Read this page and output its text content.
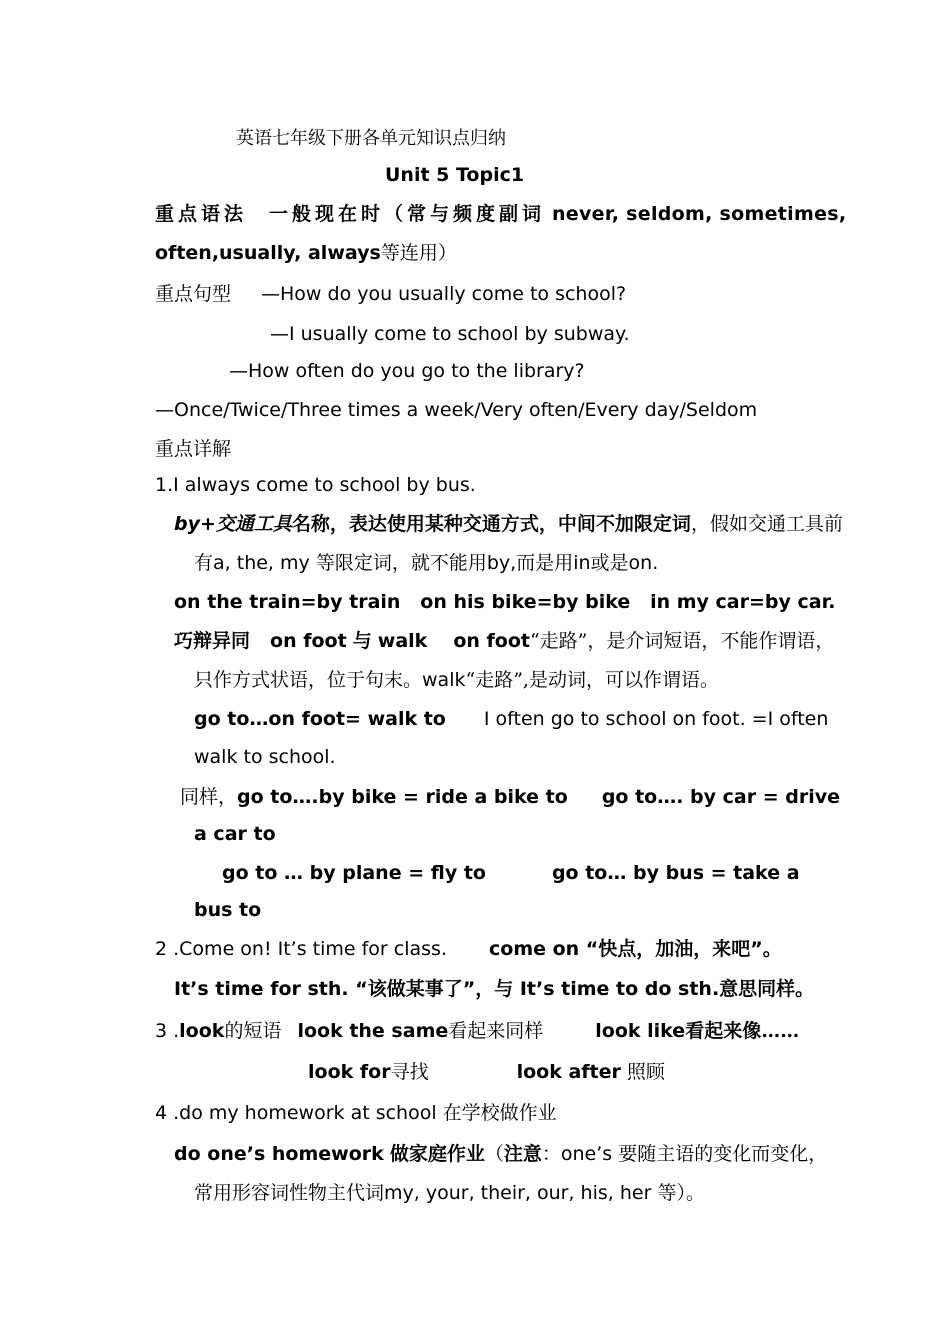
英语七年级下册各单元知识点归纳
Unit 5 Topic1
重点语法 一般现在时（常与频度副词 never, seldom, sometimes,
often,usually, always等连用）
重点句型 —How do you usually come to school?
—I usually come to school by subway.
—How often do you go to the library?
—Once/Twice/Three times a week/Very often/Every day/Seldom
重点详解
1.I always come to school by bus.
by+交通工具名称，表达使用某种交通方式，中间不加限定词，假如交通工具前
有a, the, my 等限定词，就不能用by,而是用in或是on.
on the train=by train   on his bike=by bike   in my car=by car.
巧辩异同 on foot 与 walk on foot“走路”，是介词短语，不能作谓语，
只作方式状语，位于句末。walk“走路”,是动词，可以作谓语。
go to…on foot= walk to I often go to school on foot. =I often
walk to school.
同样，go to….by bike = ride a bike to go to…. by car = drive
a car to
go to … by plane = fly to	go to… by bus = take a
bus to
2 .Come on! It’s time for class. come on “快点，加油，来吧”。
It’s time for sth. “该做某事了”，与 It’s time to do sth.意思同样。
3 .look的短语 look the same看起来同样	look like看起来像……
look for寻找	look after 照顾
4 .do my homework at school 在学校做作业
do one’s homework 做家庭作业（注意：one’s 要随主语的变化而变化，
常用形容词性物主代词my, your, their, our, his, her 等）。
